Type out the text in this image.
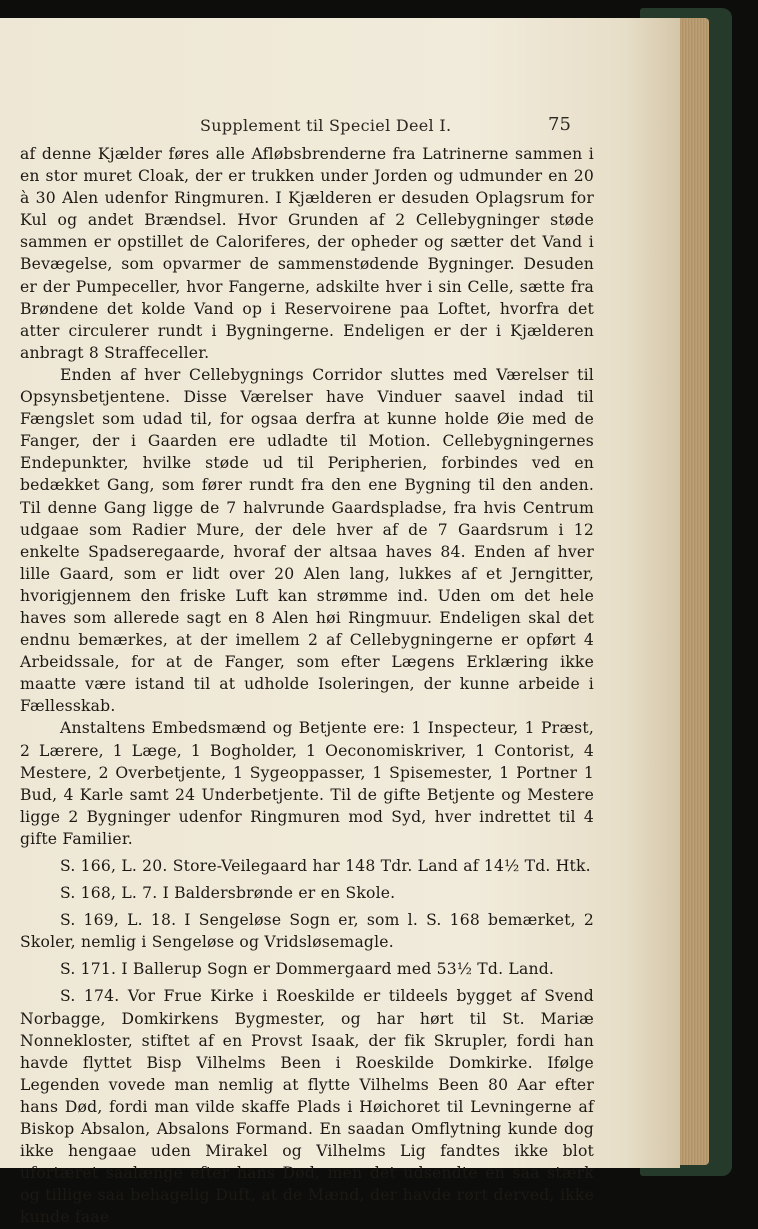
Supplement til Speciel Deel I.	75

af denne Kjælder føres alle Afløbsbrenderne fra Latrinerne sammen i en stor muret Cloak, der er trukken under Jorden og udmunder en 20 à 30 Alen udenfor Ringmuren. I Kjælderen er desuden Oplagsrum for Kul og andet Brændsel. Hvor Grunden af 2 Cellebygninger støde sammen er opstillet de Caloriferes, der opheder og sætter det Vand i Bevægelse, som opvarmer de sammenstødende Bygninger. Desuden er der Pumpeceller, hvor Fangerne, adskilte hver i sin Celle, sætte fra Brøndene det kolde Vand op i Reservoirene paa Loftet, hvorfra det atter circulerer rundt i Bygningerne. Endeligen er der i Kjælderen anbragt 8 Straffeceller.

Enden af hver Cellebygnings Corridor sluttes med Værelser til Opsynsbetjentene. Disse Værelser have Vinduer saavel indad til Fængslet som udad til, for ogsaa derfra at kunne holde Øie med de Fanger, der i Gaarden ere udladte til Motion. Cellebygningernes Endepunkter, hvilke støde ud til Peripherien, forbindes ved en bedækket Gang, som fører rundt fra den ene Bygning til den anden. Til denne Gang ligge de 7 halvrunde Gaardspladse, fra hvis Centrum udgaae som Radier Mure, der dele hver af de 7 Gaardsrum i 12 enkelte Spadseregaarde, hvoraf der altsaa haves 84. Enden af hver lille Gaard, som er lidt over 20 Alen lang, lukkes af et Jerngitter, hvorigjennem den friske Luft kan strømme ind. Uden om det hele haves som allerede sagt en 8 Alen høi Ringmuur. Endeligen skal det endnu bemærkes, at der imellem 2 af Cellebygningerne er opført 4 Arbeidssale, for at de Fanger, som efter Lægens Erklæring ikke maatte være istand til at udholde Isoleringen, der kunne arbeide i Fællesskab.

Anstaltens Embedsmænd og Betjente ere: 1 Inspecteur, 1 Præst, 2 Lærere, 1 Læge, 1 Bogholder, 1 Oeconomiskriver, 1 Contorist, 4 Mestere, 2 Overbetjente, 1 Sygeoppasser, 1 Spisemester, 1 Portner 1 Bud, 4 Karle samt 24 Underbetjente. Til de gifte Betjente og Mestere ligge 2 Bygninger udenfor Ringmuren mod Syd, hver indrettet til 4 gifte Familier.

S. 166, L. 20. Store-Veilegaard har 148 Tdr. Land af 14½ Td. Htk.

S. 168, L. 7. I Baldersbrønde er en Skole.

S. 169, L. 18. I Sengeløse Sogn er, som l. S. 168 bemærket, 2 Skoler, nemlig i Sengeløse og Vridsløsemagle.

S. 171. I Ballerup Sogn er Dommergaard med 53½ Td. Land.

S. 174. Vor Frue Kirke i Roeskilde er tildeels bygget af Svend Norbagge, Domkirkens Bygmester, og har hørt til St. Mariæ Nonnekloster, stiftet af en Provst Isaak, der fik Skrupler, fordi han havde flyttet Bisp Vilhelms Been i Roeskilde Domkirke. Ifølge Legenden vovede man nemlig at flytte Vilhelms Been 80 Aar efter hans Død, fordi man vilde skaffe Plads i Høichoret til Levningerne af Biskop Absalon, Absalons Formand. En saadan Omflytning kunde dog ikke hengaae uden Mirakel og Vilhelms Lig fandtes ikke blot ufortæret saalænge efter hans Død, men det udsendte en saa stærk og tillige saa behagelig Duft, at de Mænd, der havde rørt derved, ikke kunde faae
